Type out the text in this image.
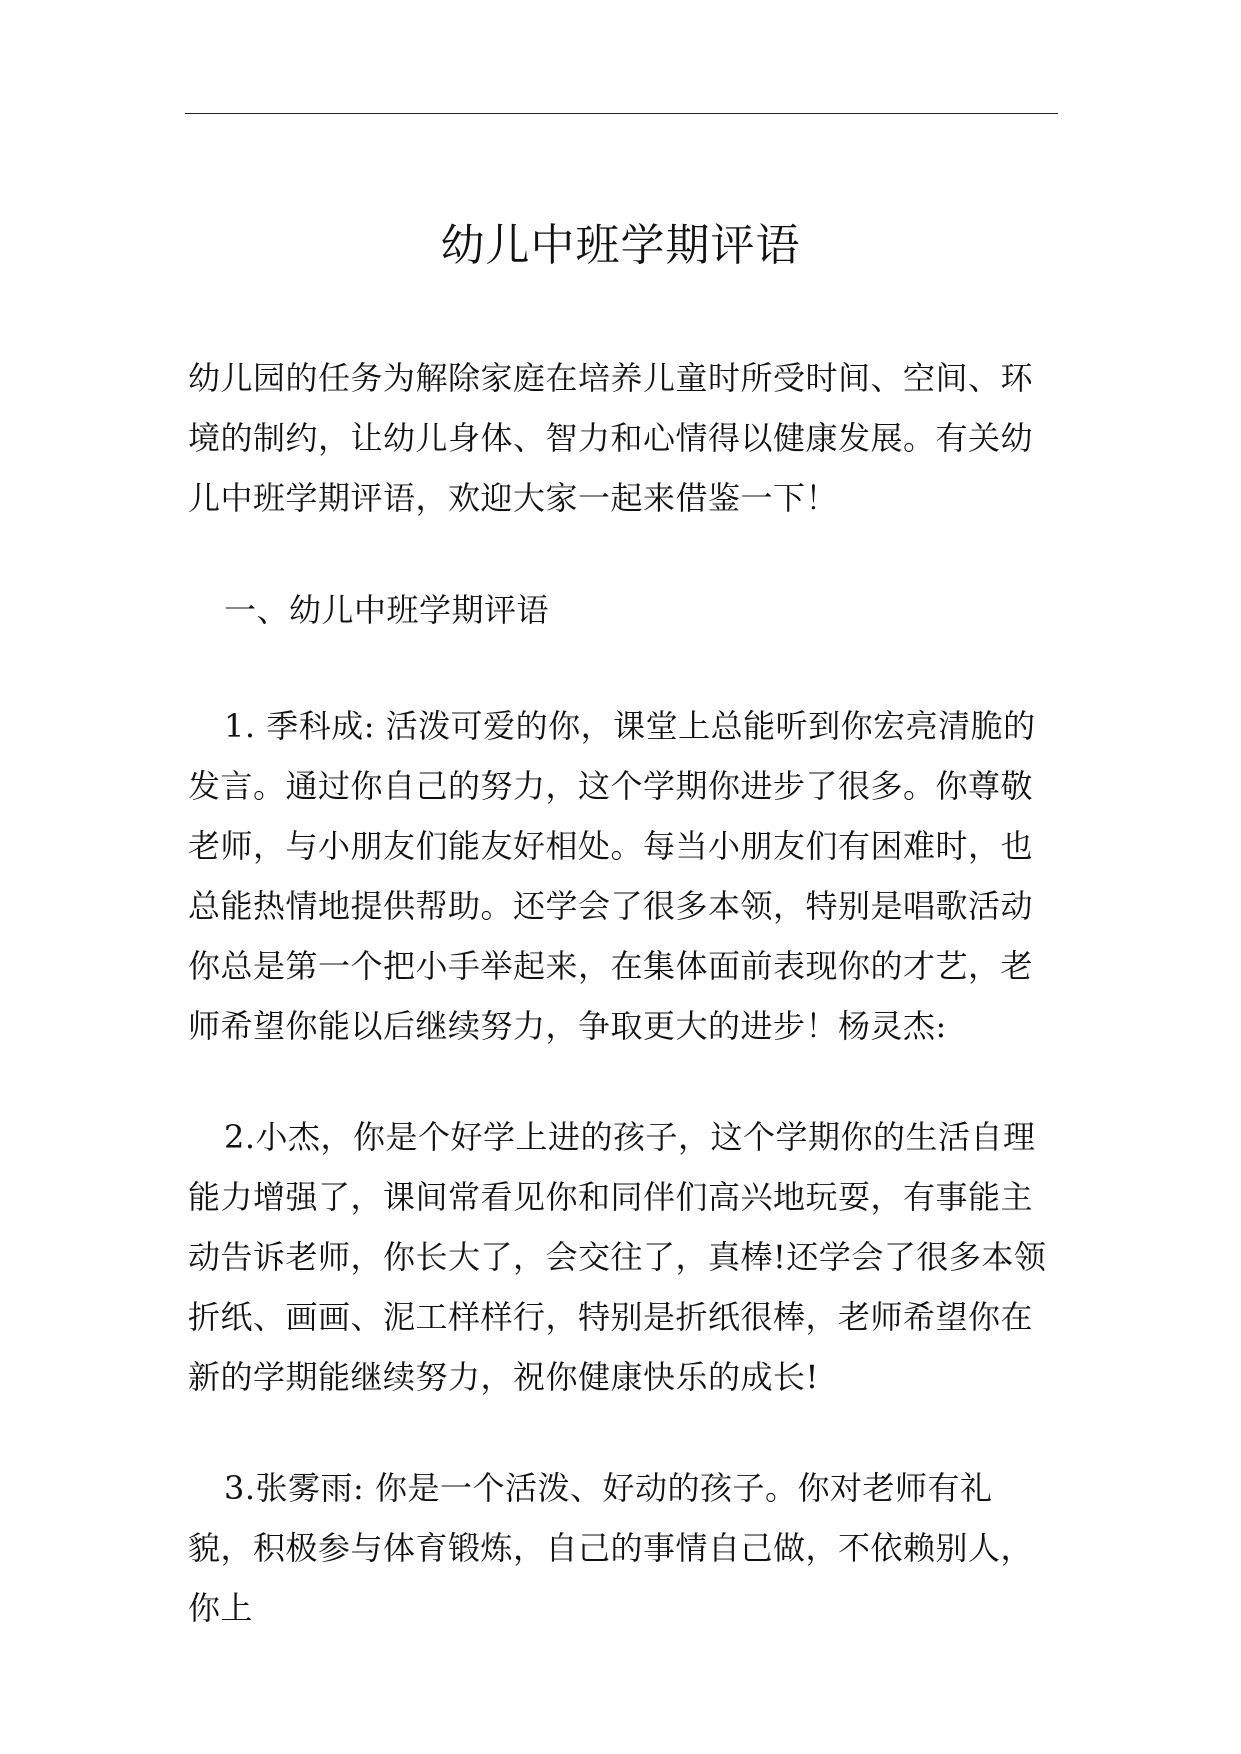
幼儿中班学期评语

幼儿园的任务为解除家庭在培养儿童时所受时间、空间、环境的制约，让幼儿身体、智力和心情得以健康发展。有关幼儿中班学期评语，欢迎大家一起来借鉴一下！

一、幼儿中班学期评语

1. 季科成: 活泼可爱的你，课堂上总能听到你宏亮清脆的发言。通过你自己的努力，这个学期你进步了很多。你尊敬老师，与小朋友们能友好相处。每当小朋友们有困难时，也总能热情地提供帮助。还学会了很多本领，特别是唱歌活动你总是第一个把小手举起来，在集体面前表现你的才艺，老师希望你能以后继续努力，争取更大的进步！杨灵杰:

2.小杰，你是个好学上进的孩子，这个学期你的生活自理能力增强了，课间常看见你和同伴们高兴地玩耍，有事能主动告诉老师，你长大了，会交往了，真棒!还学会了很多本领折纸、画画、泥工样样行，特别是折纸很棒，老师希望你在新的学期能继续努力，祝你健康快乐的成长!

3.张雾雨: 你是一个活泼、好动的孩子。你对老师有礼貌，积极参与体育锻炼，自己的事情自己做，不依赖别人，你上
